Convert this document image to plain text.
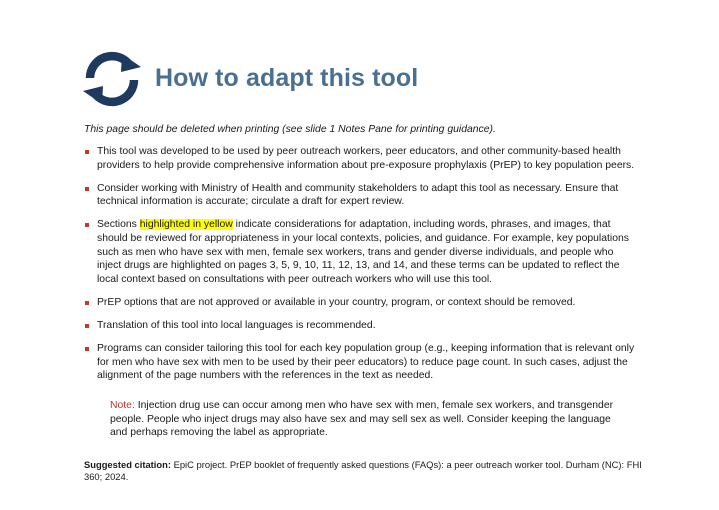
How to adapt this tool
This page should be deleted when printing (see slide 1 Notes Pane for printing guidance).
This tool was developed to be used by peer outreach workers, peer educators, and other community-based health providers to help provide comprehensive information about pre-exposure prophylaxis (PrEP) to key population peers.
Consider working with Ministry of Health and community stakeholders to adapt this tool as necessary. Ensure that technical information is accurate; circulate a draft for expert review.
Sections highlighted in yellow indicate considerations for adaptation, including words, phrases, and images, that should be reviewed for appropriateness in your local contexts, policies, and guidance. For example, key populations such as men who have sex with men, female sex workers, trans and gender diverse individuals, and people who inject drugs are highlighted on pages 3, 5, 9, 10, 11, 12, 13, and 14, and these terms can be updated to reflect the local context based on consultations with peer outreach workers who will use this tool.
PrEP options that are not approved or available in your country, program, or context should be removed.
Translation of this tool into local languages is recommended.
Programs can consider tailoring this tool for each key population group (e.g., keeping information that is relevant only for men who have sex with men to be used by their peer educators) to reduce page count. In such cases, adjust the alignment of the page numbers with the references in the text as needed.
Note: Injection drug use can occur among men who have sex with men, female sex workers, and transgender people. People who inject drugs may also have sex and may sell sex as well. Consider keeping the language and perhaps removing the label as appropriate.
Suggested citation: EpiC project. PrEP booklet of frequently asked questions (FAQs): a peer outreach worker tool. Durham (NC): FHI 360; 2024.
